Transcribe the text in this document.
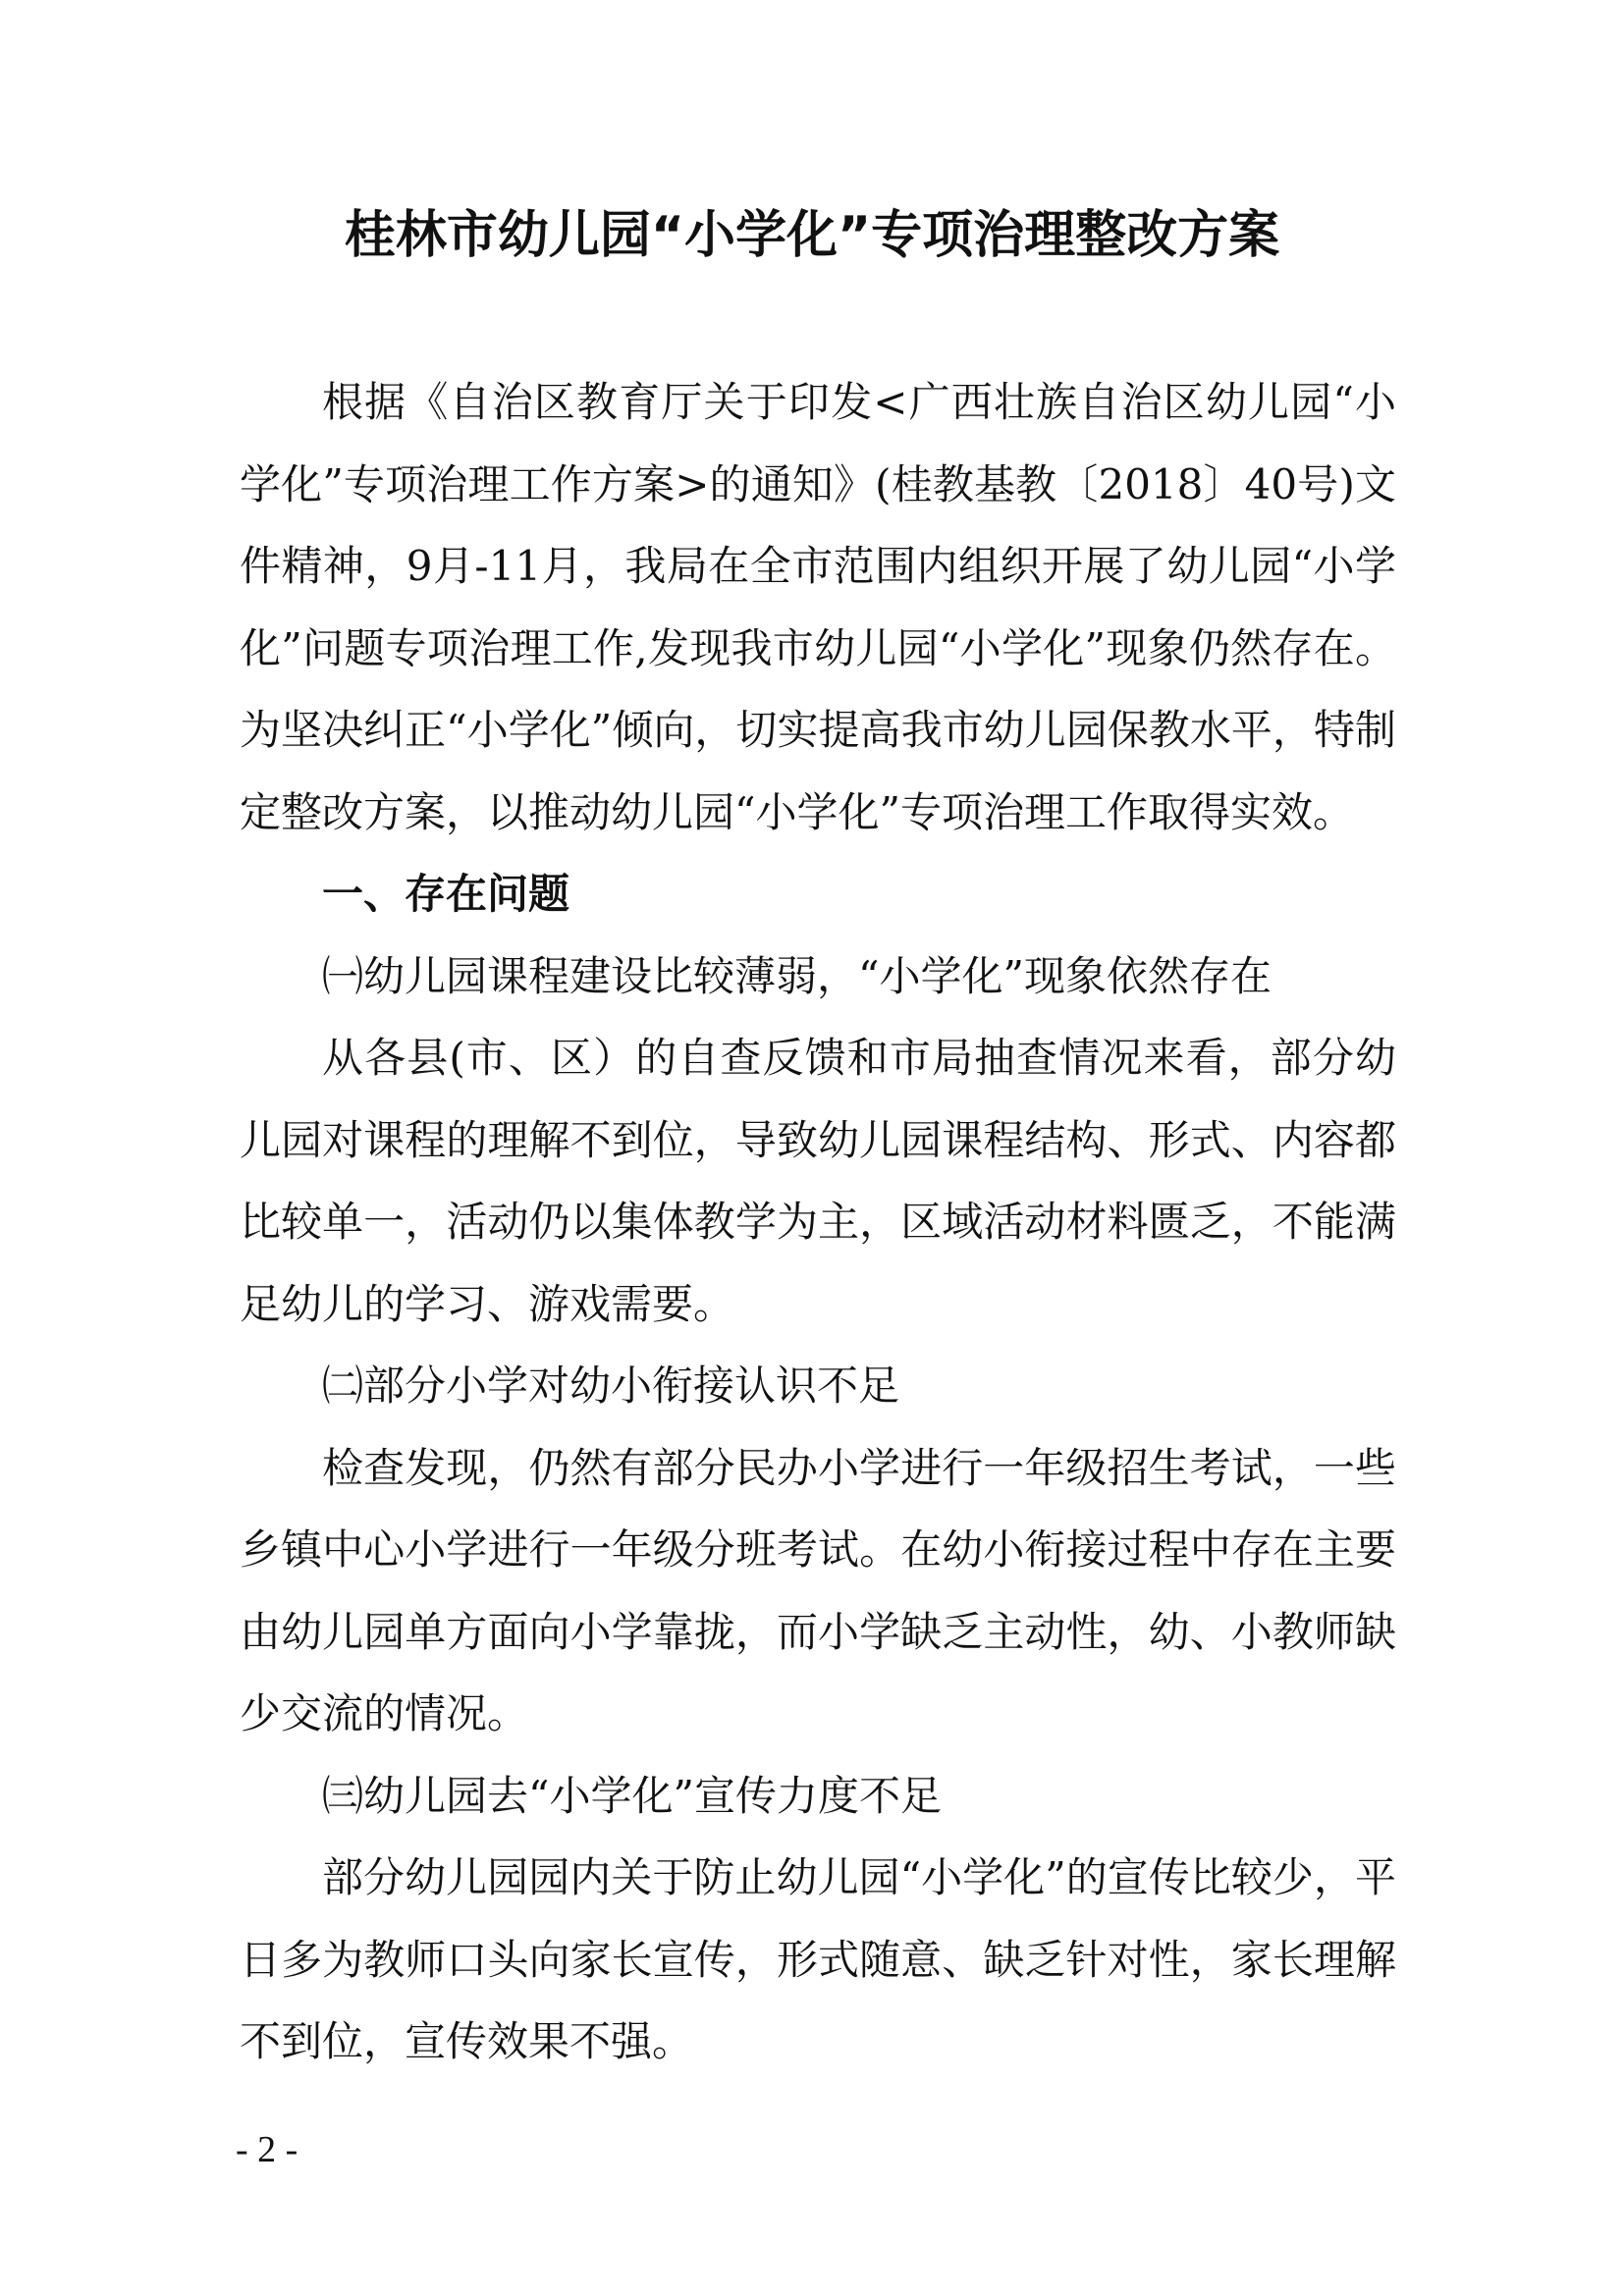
桂林市幼儿园“小学化”专项治理整改方案

根据《自治区教育厅关于印发<广西壮族自治区幼儿园“小学化”专项治理工作方案>的通知》(桂教基教〔2018〕40号)文件精神，9月-11月，我局在全市范围内组织开展了幼儿园“小学化”问题专项治理工作,发现我市幼儿园“小学化”现象仍然存在。为坚决纠正“小学化”倾向，切实提高我市幼儿园保教水平，特制定整改方案，以推动幼儿园“小学化”专项治理工作取得实效。

一、存在问题

㈠幼儿园课程建设比较薄弱，“小学化”现象依然存在

从各县(市、区）的自查反馈和市局抽查情况来看，部分幼儿园对课程的理解不到位，导致幼儿园课程结构、形式、内容都比较单一，活动仍以集体教学为主，区域活动材料匮乏，不能满足幼儿的学习、游戏需要。

㈡部分小学对幼小衔接认识不足

检查发现，仍然有部分民办小学进行一年级招生考试，一些乡镇中心小学进行一年级分班考试。在幼小衔接过程中存在主要由幼儿园单方面向小学靠拢，而小学缺乏主动性，幼、小教师缺少交流的情况。

㈢幼儿园去“小学化”宣传力度不足

部分幼儿园园内关于防止幼儿园“小学化”的宣传比较少，平日多为教师口头向家长宣传，形式随意、缺乏针对性，家长理解不到位，宣传效果不强。

- 2 -
